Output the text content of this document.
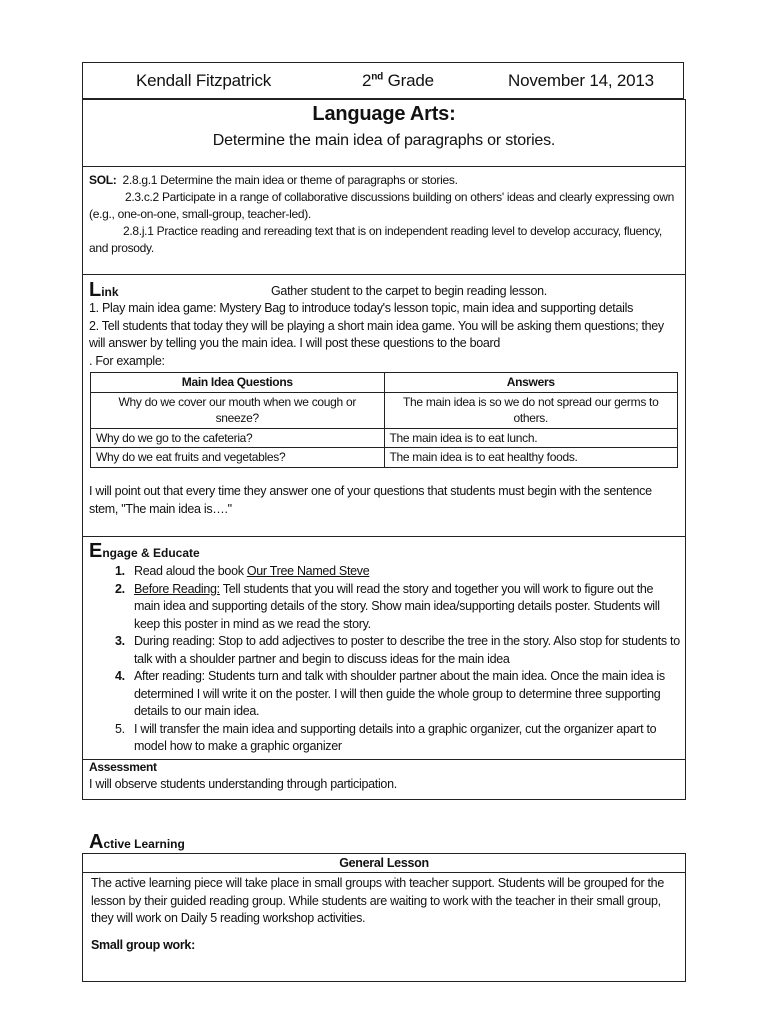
Kendall Fitzpatrick	2nd Grade	November 14, 2013
Language Arts:
Determine the main idea of paragraphs or stories.
SOL: 2.8.g.1 Determine the main idea or theme of paragraphs or stories.
2.3.c.2 Participate in a range of collaborative discussions building on others' ideas and clearly expressing own (e.g., one-on-one, small-group, teacher-led).
2.8.j.1 Practice reading and rereading text that is on independent reading level to develop accuracy, fluency, and prosody.
Link	Gather student to the carpet to begin reading lesson.
1. Play main idea game: Mystery Bag to introduce today's lesson topic, main idea and supporting details
2. Tell students that today they will be playing a short main idea game. You will be asking them questions; they will answer by telling you the main idea. I will post these questions to the board
. For example:
Main Idea Questions	Answers
Why do we cover our mouth when we cough or sneeze?	The main idea is so we do not spread our germs to others.
Why do we go to the cafeteria?	The main idea is to eat lunch.
Why do we eat fruits and vegetables?	The main idea is to eat healthy foods.
I will point out that every time they answer one of your questions that students must begin with the sentence stem, "The main idea is…."
Engage & Educate
1. Read aloud the book Our Tree Named Steve
2. Before Reading: Tell students that you will read the story and together you will work to figure out the main idea and supporting details of the story. Show main idea/supporting details poster. Students will keep this poster in mind as we read the story.
3. During reading: Stop to add adjectives to poster to describe the tree in the story. Also stop for students to talk with a shoulder partner and begin to discuss ideas for the main idea
4. After reading: Students turn and talk with shoulder partner about the main idea. Once the main idea is determined I will write it on the poster. I will then guide the whole group to determine three supporting details to our main idea.
5. I will transfer the main idea and supporting details into a graphic organizer, cut the organizer apart to model how to make a graphic organizer
Assessment
I will observe students understanding through participation.
Active Learning
General Lesson
The active learning piece will take place in small groups with teacher support. Students will be grouped for the lesson by their guided reading group. While students are waiting to work with the teacher in their small group, they will work on Daily 5 reading workshop activities.
Small group work:
